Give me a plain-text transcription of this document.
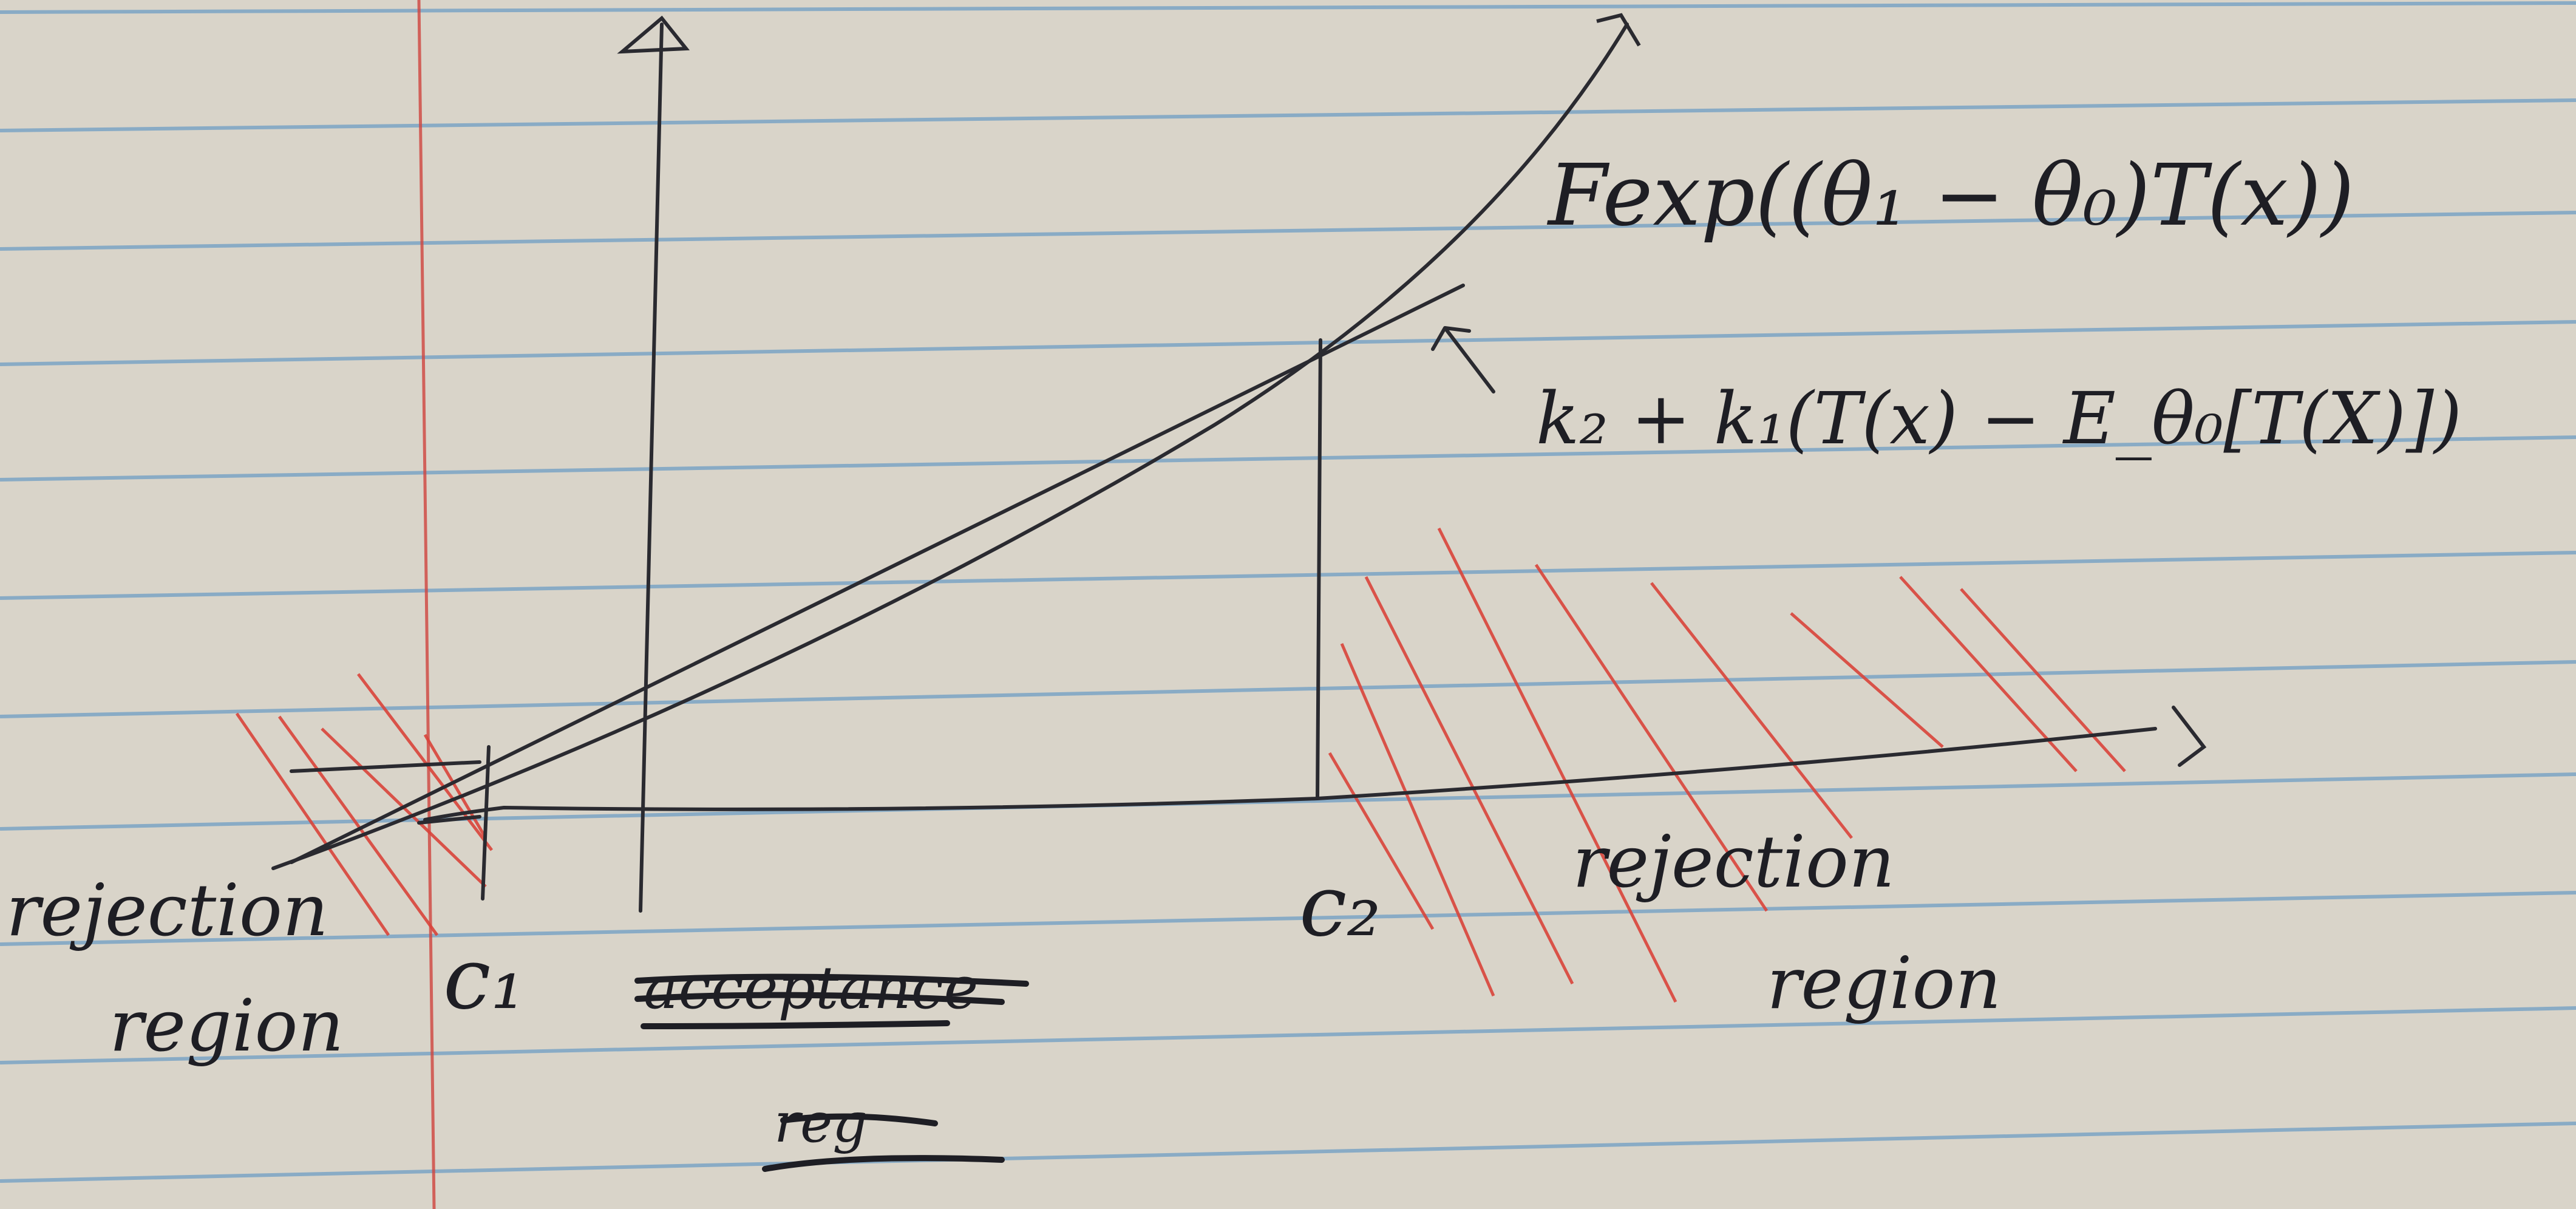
acceptance
reg
Fexp((θ₁ − θ₀)T(x))
k₂ + k₁(T(x) − E_θ₀[T(X)])
c₁
c₂
rejection
region
rejection
region
